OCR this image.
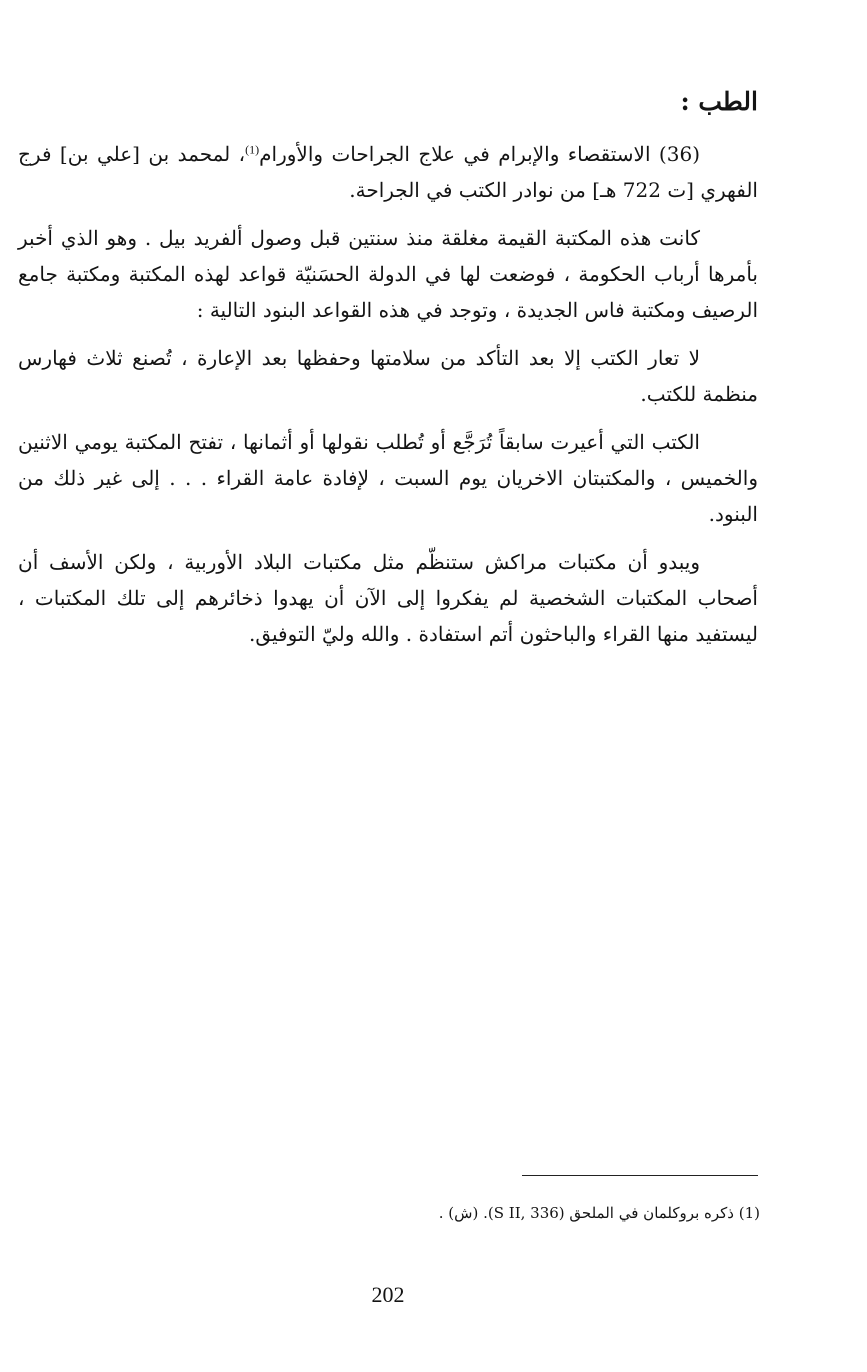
الطب :

(36) الاستقصاء والإبرام في علاج الجراحات والأورام$^{(1)}$، لمحمد بن [علي بن] فرج الفهري [ت 722 هـ] من نوادر الكتب في الجراحة.

كانت هذه المكتبة القيمة مغلقة منذ سنتين قبل وصول ألفريد بيل . وهو الذي أخبر بأمرها أرباب الحكومة ، فوضعت لها في الدولة الحسَنيّة قواعد لهذه المكتبة ومكتبة جامع الرصيف ومكتبة فاس الجديدة ، وتوجد في هذه القواعد البنود التالية :

لا تعار الكتب إلا بعد التأكد من سلامتها وحفظها بعد الإعارة ، تُصنع ثلاث فهارس منظمة للكتب.

الكتب التي أعيرت سابقاً تُرَجَّع أو تُطلب نقولها أو أثمانها ، تفتح المكتبة يومي الاثنين والخميس ، والمكتبتان الاخريان يوم السبت ، لإفادة عامة القراء . . . إلى غير ذلك من البنود.

ويبدو أن مكتبات مراكش ستنظّم مثل مكتبات البلاد الأوربية ، ولكن الأسف أن أصحاب المكتبات الشخصية لم يفكروا إلى الآن أن يهدوا ذخائرهم إلى تلك المكتبات ، ليستفيد منها القراء والباحثون أتم استفادة . والله وليّ التوفيق.

(1) ذكره بروكلمان في الملحق (S II, 336). (ش) .
202
